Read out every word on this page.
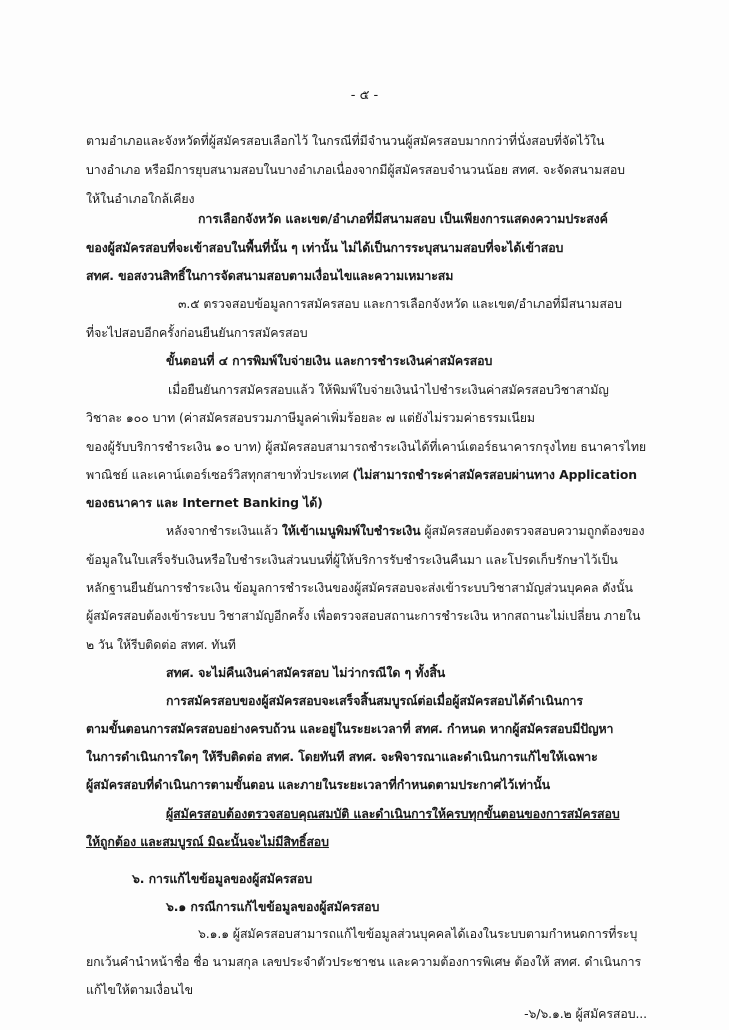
- ๕ -
ตามอำเภอและจังหวัดที่ผู้สมัครสอบเลือกไว้ ในกรณีที่มีจำนวนผู้สมัครสอบมากกว่าที่นั่งสอบที่จัดไว้ใน
บางอำเภอ หรือมีการยุบสนามสอบในบางอำเภอเนื่องจากมีผู้สมัครสอบจำนวนน้อย สทศ. จะจัดสนามสอบ
ให้ในอำเภอใกล้เคียง
การเลือกจังหวัด และเขต/อำเภอที่มีสนามสอบ เป็นเพียงการแสดงความประสงค์
ของผู้สมัครสอบที่จะเข้าสอบในพื้นที่นั้น ๆ เท่านั้น ไม่ได้เป็นการระบุสนามสอบที่จะได้เข้าสอบ
สทศ. ขอสงวนสิทธิ์ในการจัดสนามสอบตามเงื่อนไขและความเหมาะสม
๓.๕ ตรวจสอบข้อมูลการสมัครสอบ และการเลือกจังหวัด และเขต/อำเภอที่มีสนามสอบ
ที่จะไปสอบอีกครั้งก่อนยืนยันการสมัครสอบ
ขั้นตอนที่ ๔ การพิมพ์ใบจ่ายเงิน และการชำระเงินค่าสมัครสอบ
เมื่อยืนยันการสมัครสอบแล้ว ให้พิมพ์ใบจ่ายเงินนำไปชำระเงินค่าสมัครสอบวิชาสามัญ
วิชาละ ๑๐๐ บาท (ค่าสมัครสอบรวมภาษีมูลค่าเพิ่มร้อยละ ๗ แต่ยังไม่รวมค่าธรรมเนียม
ของผู้รับบริการชำระเงิน ๑๐ บาท) ผู้สมัครสอบสามารถชำระเงินได้ที่เคาน์เตอร์ธนาคารกรุงไทย ธนาคารไทย
พาณิชย์ และเคาน์เตอร์เซอร์วิสทุกสาขาทั่วประเทศ (ไม่สามารถชำระค่าสมัครสอบผ่านทาง Application
ของธนาคาร และ Internet Banking ได้)
หลังจากชำระเงินแล้ว ให้เข้าเมนูพิมพ์ใบชำระเงิน ผู้สมัครสอบต้องตรวจสอบความถูกต้องของ
ข้อมูลในใบเสร็จรับเงินหรือใบชำระเงินส่วนบนที่ผู้ให้บริการรับชำระเงินคืนมา และโปรดเก็บรักษาไว้เป็น
หลักฐานยืนยันการชำระเงิน ข้อมูลการชำระเงินของผู้สมัครสอบจะส่งเข้าระบบวิชาสามัญส่วนบุคคล ดังนั้น
ผู้สมัครสอบต้องเข้าระบบ วิชาสามัญอีกครั้ง เพื่อตรวจสอบสถานะการชำระเงิน หากสถานะไม่เปลี่ยน ภายใน
๒ วัน ให้รีบติดต่อ สทศ. ทันที
สทศ. จะไม่คืนเงินค่าสมัครสอบ ไม่ว่ากรณีใด ๆ ทั้งสิ้น
การสมัครสอบของผู้สมัครสอบจะเสร็จสิ้นสมบูรณ์ต่อเมื่อผู้สมัครสอบได้ดำเนินการ
ตามขั้นตอนการสมัครสอบอย่างครบถ้วน และอยู่ในระยะเวลาที่ สทศ. กำหนด หากผู้สมัครสอบมีปัญหา
ในการดำเนินการใดๆ ให้รีบติดต่อ สทศ. โดยทันที สทศ. จะพิจารณาและดำเนินการแก้ไขให้เฉพาะ
ผู้สมัครสอบที่ดำเนินการตามขั้นตอน และภายในระยะเวลาที่กำหนดตามประกาศไว้เท่านั้น
ผู้สมัครสอบต้องตรวจสอบคุณสมบัติ และดำเนินการให้ครบทุกขั้นตอนของการสมัครสอบ
ให้ถูกต้อง และสมบูรณ์ มิฉะนั้นจะไม่มีสิทธิ์สอบ
๖. การแก้ไขข้อมูลของผู้สมัครสอบ
๖.๑ กรณีการแก้ไขข้อมูลของผู้สมัครสอบ
๖.๑.๑ ผู้สมัครสอบสามารถแก้ไขข้อมูลส่วนบุคคลได้เองในระบบตามกำหนดการที่ระบุ
ยกเว้นคำนำหน้าชื่อ ชื่อ นามสกุล เลขประจำตัวประชาชน และความต้องการพิเศษ ต้องให้ สทศ. ดำเนินการ
แก้ไขให้ตามเงื่อนไข
-๖/๖.๑.๒ ผู้สมัครสอบ...
